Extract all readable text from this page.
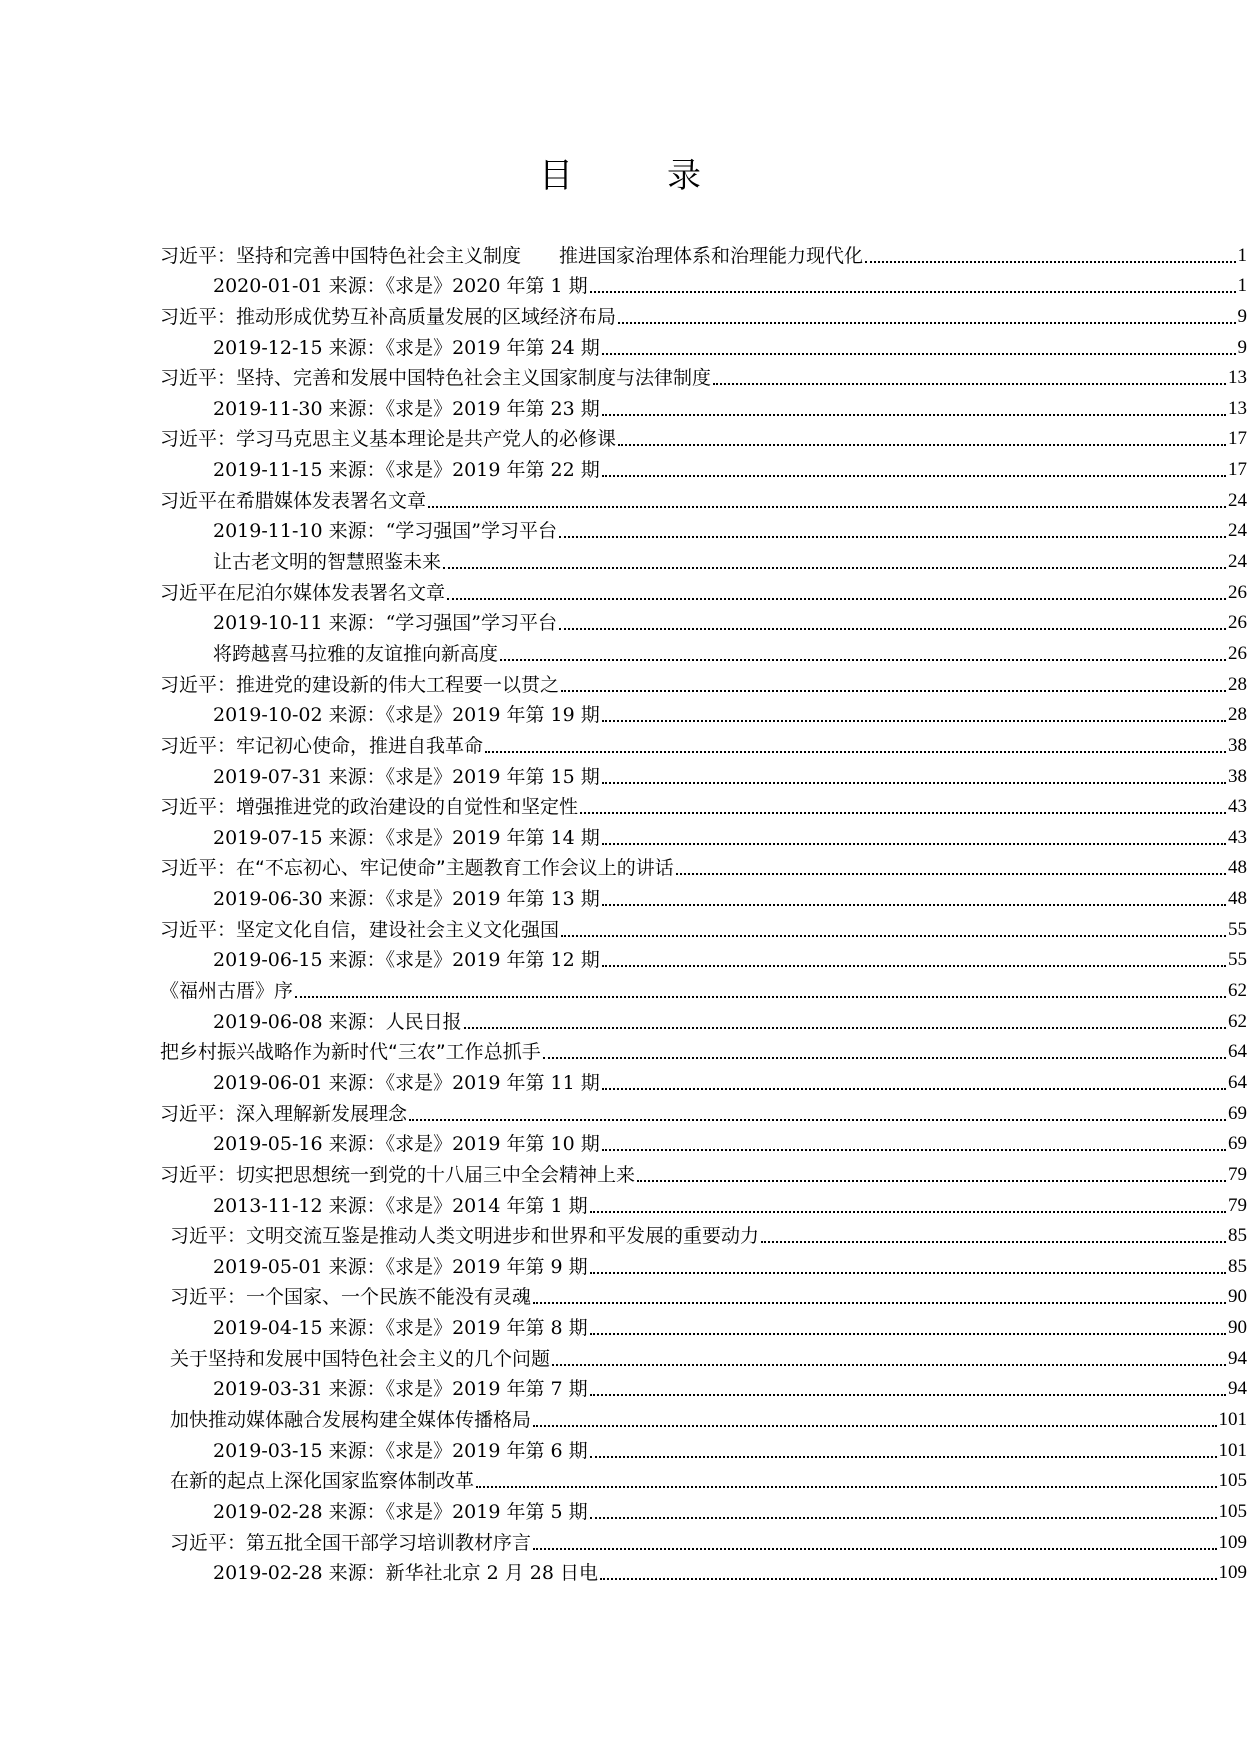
目　录
习近平：坚持和完善中国特色社会主义制度　　推进国家治理体系和治理能力现代化	1
2020-01-01 来源：《求是》2020 年第 1 期	1
习近平：推动形成优势互补高质量发展的区域经济布局	9
2019-12-15 来源：《求是》2019 年第 24 期	9
习近平：坚持、完善和发展中国特色社会主义国家制度与法律制度	13
2019-11-30 来源：《求是》2019 年第 23 期	13
习近平：学习马克思主义基本理论是共产党人的必修课	17
2019-11-15 来源：《求是》2019 年第 22 期	17
习近平在希腊媒体发表署名文章	24
2019-11-10 来源：“学习强国”学习平台	24
让古老文明的智慧照鉴未来	24
习近平在尼泊尔媒体发表署名文章	26
2019-10-11 来源：“学习强国”学习平台	26
将跨越喜马拉雅的友谊推向新高度	26
习近平：推进党的建设新的伟大工程要一以贯之	28
2019-10-02 来源：《求是》2019 年第 19 期	28
习近平：牢记初心使命，推进自我革命	38
2019-07-31 来源：《求是》2019 年第 15 期	38
习近平：增强推进党的政治建设的自觉性和坚定性	43
2019-07-15 来源：《求是》2019 年第 14 期	43
习近平：在“不忘初心、牢记使命”主题教育工作会议上的讲话	48
2019-06-30 来源：《求是》2019 年第 13 期	48
习近平：坚定文化自信，建设社会主义文化强国	55
2019-06-15 来源：《求是》2019 年第 12 期	55
《福州古厝》序	62
2019-06-08 来源：人民日报	62
把乡村振兴战略作为新时代“三农”工作总抓手	64
2019-06-01 来源：《求是》2019 年第 11 期	64
习近平：深入理解新发展理念	69
2019-05-16 来源：《求是》2019 年第 10 期	69
习近平：切实把思想统一到党的十八届三中全会精神上来	79
2013-11-12 来源：《求是》2014 年第 1 期	79
习近平：文明交流互鉴是推动人类文明进步和世界和平发展的重要动力	85
2019-05-01 来源：《求是》2019 年第 9 期	85
习近平：一个国家、一个民族不能没有灵魂	90
2019-04-15 来源：《求是》2019 年第 8 期	90
关于坚持和发展中国特色社会主义的几个问题	94
2019-03-31 来源：《求是》2019 年第 7 期	94
加快推动媒体融合发展构建全媒体传播格局	101
2019-03-15 来源：《求是》2019 年第 6 期	101
在新的起点上深化国家监察体制改革	105
2019-02-28 来源：《求是》2019 年第 5 期	105
习近平：第五批全国干部学习培训教材序言	109
2019-02-28 来源：新华社北京 2 月 28 日电	109
